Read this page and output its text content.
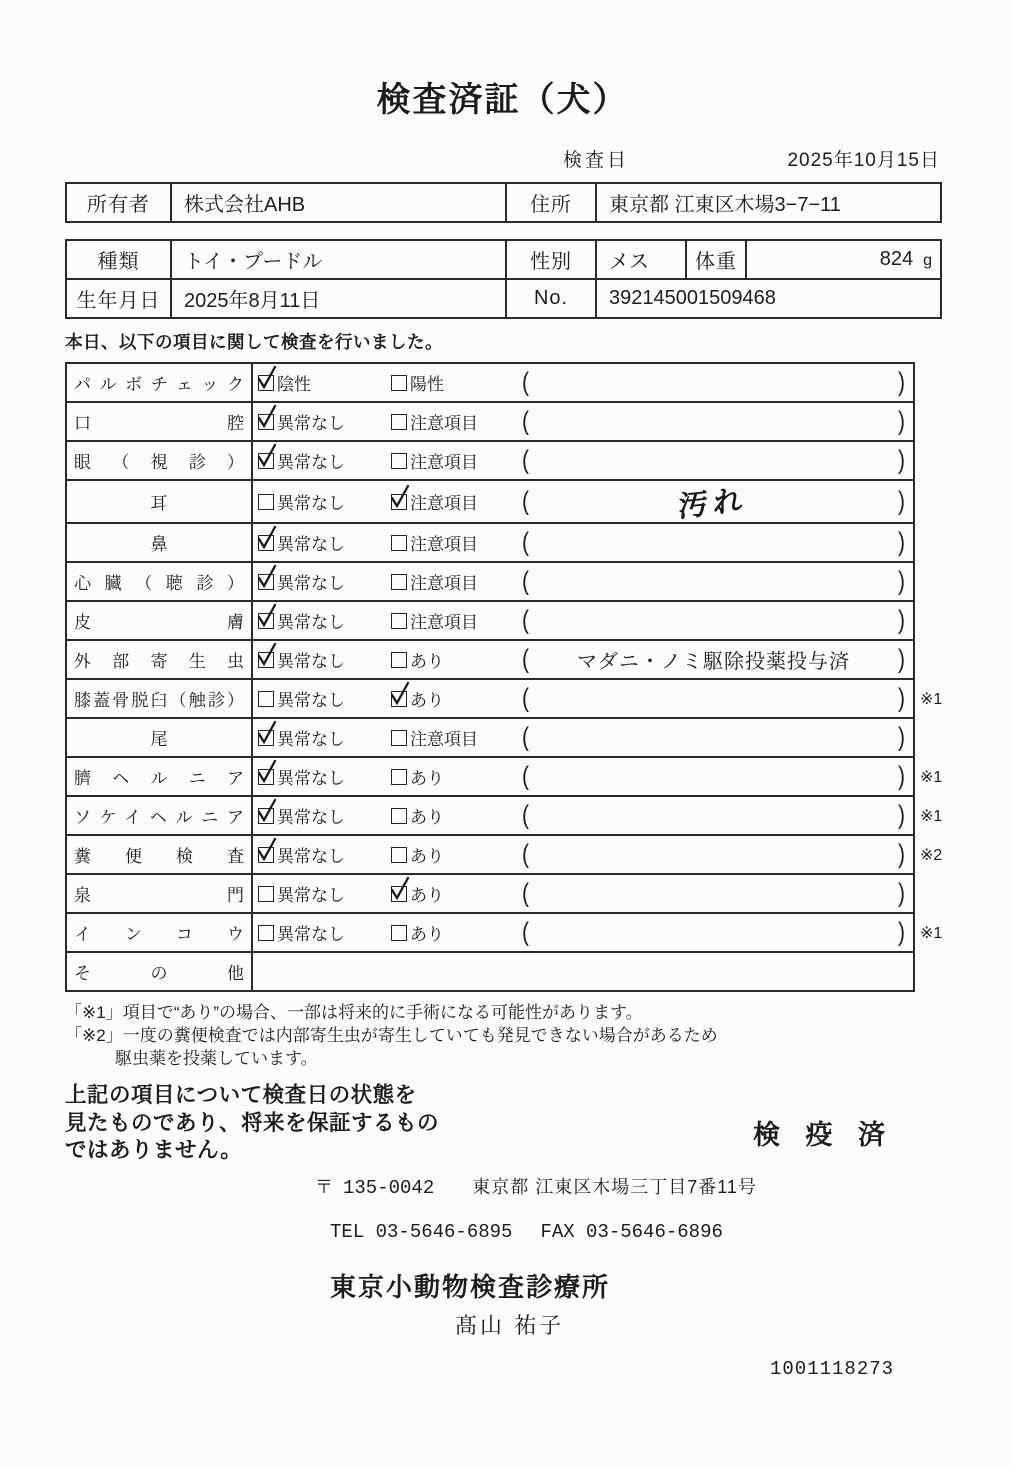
検査済証（犬）
検査日	2025年10月15日
所有者	株式会社AHB	住所	東京都 江東区木場3−7−11
種類	トイ・プードル	性別	メス	体重	824 g
生年月日	2025年8月11日	No.	392145001509468		

本日、以下の項目に関して検査を行いました。

パルボチェック	陰性 陽性 ( )

口腔	異常なし 注意項目 ( )

眼（視診）	異常なし 注意項目 ( )

耳	異常なし 注意項目 ( 汚れ )

鼻	異常なし 注意項目 ( )

心臓（聴診）	異常なし 注意項目 ( )

皮膚	異常なし 注意項目 ( )

外部寄生虫	異常なし あり ( マダニ・ノミ駆除投薬投与済 )

膝蓋骨脱臼（触診）	異常なし あり ( ) ※1

尾	異常なし 注意項目 ( )

臍ヘルニア	異常なし あり ( ) ※1

ソケイヘルニア	異常なし あり ( ) ※1

糞便検査	異常なし あり ( ) ※2

泉門	異常なし あり ( )

インコウ	異常なし あり ( ) ※1

その他	
「※1」項目で“あり”の場合、一部は将来的に手術になる可能性があります。
「※2」一度の糞便検査では内部寄生虫が寄生していても発見できない場合があるため
駆虫薬を投薬しています。
上記の項目について検査日の状態を
見たものであり、将来を保証するもの
ではありません。
検 疫 済
〒 135-0042 東京都 江東区木場三丁目7番11号
TEL 03-5646-6895 FAX 03-5646-6896
東京小動物検査診療所
髙山 祐子
1001118273
